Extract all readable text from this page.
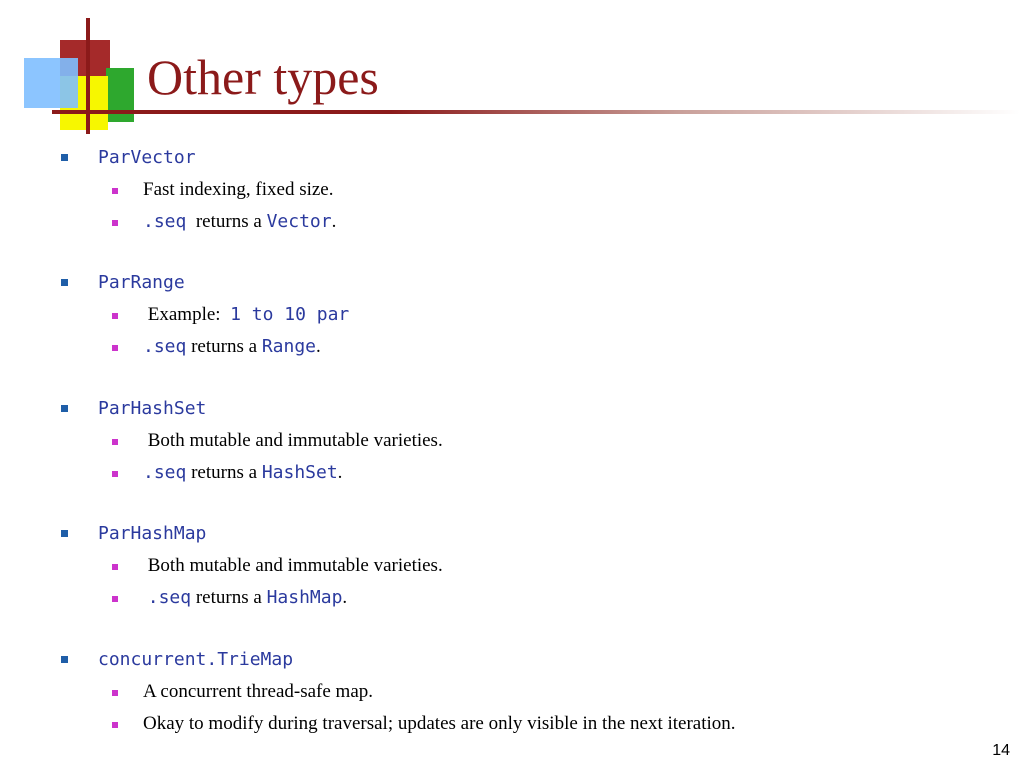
Other types
ParVector
Fast indexing, fixed size.
.seq  returns a Vector.
ParRange
Example:  1 to 10 par
.seq returns a Range.
ParHashSet
Both mutable and immutable varieties.
.seq returns a HashSet.
ParHashMap
Both mutable and immutable varieties.
.seq returns a HashMap.
concurrent.TrieMap
A concurrent thread-safe map.
Okay to modify during traversal; updates are only visible in the next iteration.
14
